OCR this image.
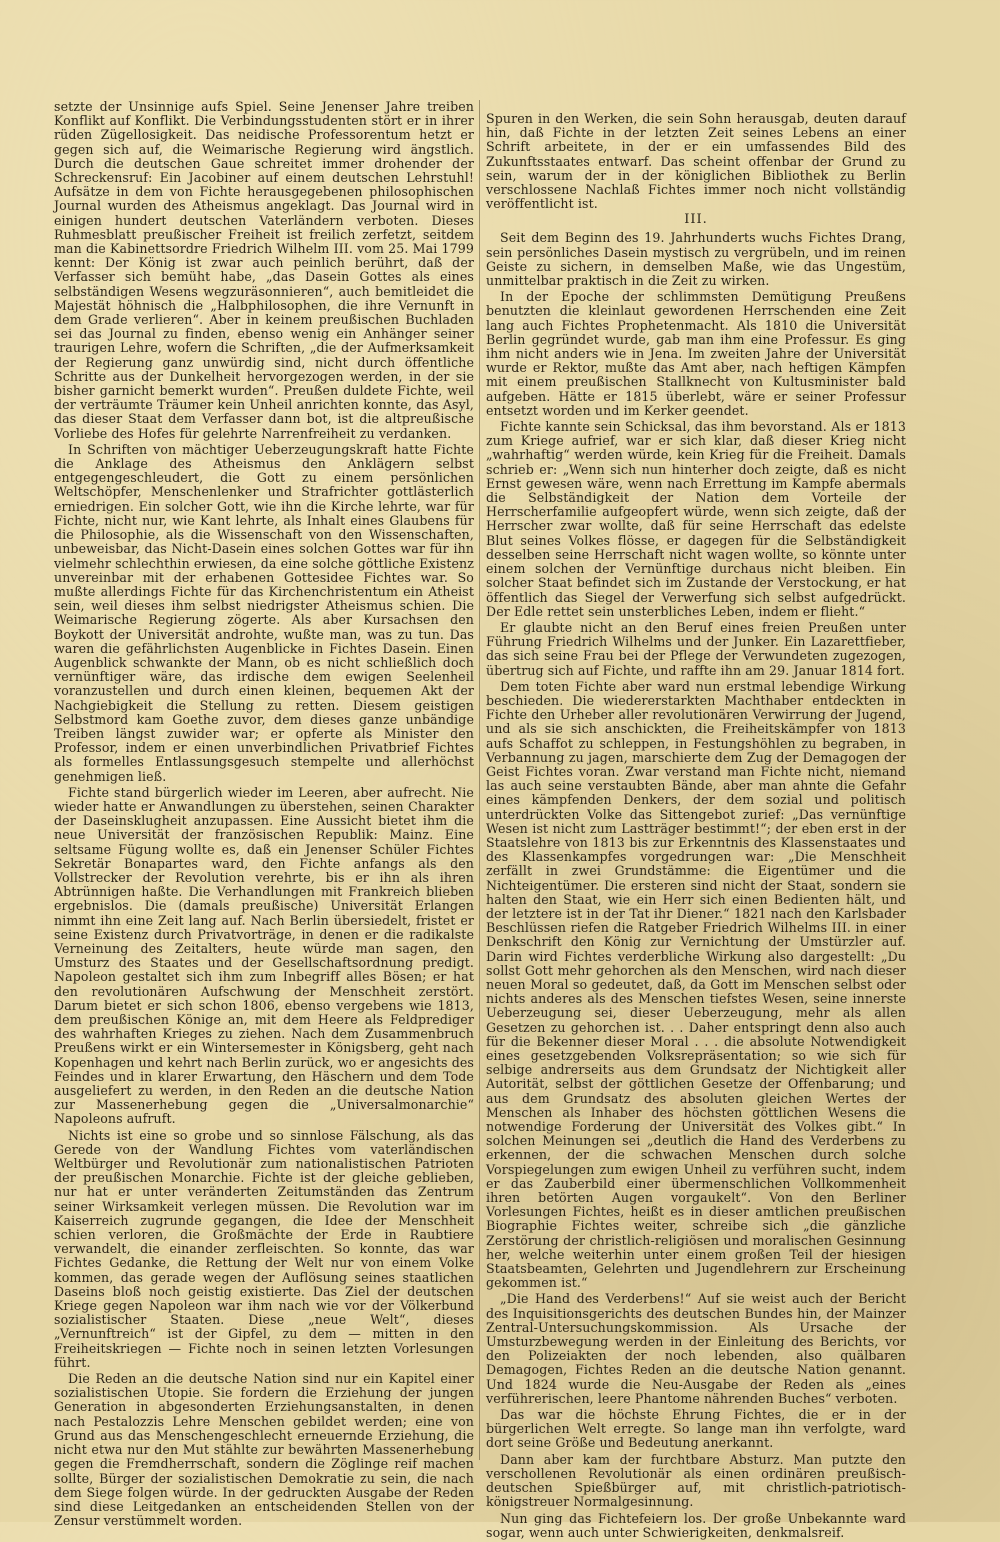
setzte der Unsinnige aufs Spiel. Seine Jenenser Jahre treiben Konflikt auf Konflikt. Die Verbindungsstudenten stört er in ihrer rüden Zügellosigkeit. Das neidische Professorentum hetzt er gegen sich auf, die Weimarische Regierung wird ängstlich. Durch die deutschen Gaue schreitet immer drohender der Schreckensruf: Ein Jacobiner auf einem deutschen Lehrstuhl! Aufsätze in dem von Fichte herausgegebenen philosophischen Journal wurden des Atheismus angeklagt. Das Journal wird in einigen hundert deutschen Vaterländern verboten. Dieses Ruhmesblatt preußischer Freiheit ist freilich zerfetzt, seitdem man die Kabinettsordre Friedrich Wilhelm III. vom 25. Mai 1799 kennt: Der König ist zwar auch peinlich berührt, daß der Verfasser sich bemüht habe, „das Dasein Gottes als eines selbständigen Wesens wegzuräsonnieren“, auch bemitleidet die Majestät höhnisch die „Halbphilosophen, die ihre Vernunft in dem Grade verlieren“. Aber in keinem preußischen Buchladen sei das Journal zu finden, ebenso wenig ein Anhänger seiner traurigen Lehre, wofern die Schriften, „die der Aufmerksamkeit der Regierung ganz unwürdig sind, nicht durch öffentliche Schritte aus der Dunkelheit hervorgezogen werden, in der sie bisher garnicht bemerkt wurden“. Preußen duldete Fichte, weil der verträumte Träumer kein Unheil anrichten konnte, das Asyl, das dieser Staat dem Verfasser dann bot, ist die altpreußische Vorliebe des Hofes für gelehrte Narrenfreiheit zu verdanken.

In Schriften von mächtiger Ueberzeugungskraft hatte Fichte die Anklage des Atheismus den Anklägern selbst entgegengeschleudert, die Gott zu einem persönlichen Weltschöpfer, Menschenlenker und Strafrichter gottlästerlich erniedrigen. Ein solcher Gott, wie ihn die Kirche lehrte, war für Fichte, nicht nur, wie Kant lehrte, als Inhalt eines Glaubens für die Philosophie, als die Wissenschaft von den Wissenschaften, unbeweisbar, das Nicht-Dasein eines solchen Gottes war für ihn vielmehr schlechthin erwiesen, da eine solche göttliche Existenz unvereinbar mit der erhabenen Gottesidee Fichtes war. So mußte allerdings Fichte für das Kirchenchristentum ein Atheist sein, weil dieses ihm selbst niedrigster Atheismus schien. Die Weimarische Regierung zögerte. Als aber Kursachsen den Boykott der Universität androhte, wußte man, was zu tun. Das waren die gefährlichsten Augenblicke in Fichtes Dasein. Einen Augenblick schwankte der Mann, ob es nicht schließlich doch vernünftiger wäre, das irdische dem ewigen Seelenheil voranzustellen und durch einen kleinen, bequemen Akt der Nachgiebigkeit die Stellung zu retten. Diesem geistigen Selbstmord kam Goethe zuvor, dem dieses ganze unbändige Treiben längst zuwider war; er opferte als Minister den Professor, indem er einen unverbindlichen Privatbrief Fichtes als formelles Entlassungsgesuch stempelte und allerhöchst genehmigen ließ.

Fichte stand bürgerlich wieder im Leeren, aber aufrecht. Nie wieder hatte er Anwandlungen zu überstehen, seinen Charakter der Daseinsklugheit anzupassen. Eine Aussicht bietet ihm die neue Universität der französischen Republik: Mainz. Eine seltsame Fügung wollte es, daß ein Jenenser Schüler Fichtes Sekretär Bonapartes ward, den Fichte anfangs als den Vollstrecker der Revolution verehrte, bis er ihn als ihren Abtrünnigen haßte. Die Verhandlungen mit Frankreich blieben ergebnislos. Die (damals preußische) Universität Erlangen nimmt ihn eine Zeit lang auf. Nach Berlin übersiedelt, fristet er seine Existenz durch Privatvorträge, in denen er die radikalste Verneinung des Zeitalters, heute würde man sagen, den Umsturz des Staates und der Gesellschaftsordnung predigt. Napoleon gestaltet sich ihm zum Inbegriff alles Bösen; er hat den revolutionären Aufschwung der Menschheit zerstört. Darum bietet er sich schon 1806, ebenso vergebens wie 1813, dem preußischen Könige an, mit dem Heere als Feldprediger des wahrhaften Krieges zu ziehen. Nach dem Zusammenbruch Preußens wirkt er ein Wintersemester in Königsberg, geht nach Kopenhagen und kehrt nach Berlin zurück, wo er angesichts des Feindes und in klarer Erwartung, den Häschern und dem Tode ausgeliefert zu werden, in den Reden an die deutsche Nation zur Massenerhebung gegen die „Universalmonarchie“ Napoleons aufruft.

Nichts ist eine so grobe und so sinnlose Fälschung, als das Gerede von der Wandlung Fichtes vom vaterländischen Weltbürger und Revolutionär zum nationalistischen Patrioten der preußischen Monarchie. Fichte ist der gleiche geblieben, nur hat er unter veränderten Zeitumständen das Zentrum seiner Wirksamkeit verlegen müssen. Die Revolution war im Kaiserreich zugrunde gegangen, die Idee der Menschheit schien verloren, die Großmächte der Erde in Raubtiere verwandelt, die einander zerfleischten. So konnte, das war Fichtes Gedanke, die Rettung der Welt nur von einem Volke kommen, das gerade wegen der Auflösung seines staatlichen Daseins bloß noch geistig existierte. Das Ziel der deutschen Kriege gegen Napoleon war ihm nach wie vor der Völkerbund sozialistischer Staaten. Diese „neue Welt“, dieses „Vernunftreich“ ist der Gipfel, zu dem — mitten in den Freiheitskriegen — Fichte noch in seinen letzten Vorlesungen führt.

Die Reden an die deutsche Nation sind nur ein Kapitel einer sozialistischen Utopie. Sie fordern die Erziehung der jungen Generation in abgesonderten Erziehungsanstalten, in denen nach Pestalozzis Lehre Menschen gebildet werden; eine von Grund aus das Menschengeschlecht erneuernde Erziehung, die nicht etwa nur den Mut stählte zur bewährten Massenerhebung gegen die Fremdherrschaft, sondern die Zöglinge reif machen sollte, Bürger der sozialistischen Demokratie zu sein, die nach dem Siege folgen würde. In der gedruckten Ausgabe der Reden sind diese Leitgedanken an entscheidenden Stellen von der Zensur verstümmelt worden.

Spuren in den Werken, die sein Sohn herausgab, deuten darauf hin, daß Fichte in der letzten Zeit seines Lebens an einer Schrift arbeitete, in der er ein umfassendes Bild des Zukunftsstaates entwarf. Das scheint offenbar der Grund zu sein, warum der in der königlichen Bibliothek zu Berlin verschlossene Nachlaß Fichtes immer noch nicht vollständig veröffentlicht ist.

III.

Seit dem Beginn des 19. Jahrhunderts wuchs Fichtes Drang, sein persönliches Dasein mystisch zu vergrübeln, und im reinen Geiste zu sichern, in demselben Maße, wie das Ungestüm, unmittelbar praktisch in die Zeit zu wirken.

In der Epoche der schlimmsten Demütigung Preußens benutzten die kleinlaut gewordenen Herrschenden eine Zeit lang auch Fichtes Prophetenmacht. Als 1810 die Universität Berlin gegründet wurde, gab man ihm eine Professur. Es ging ihm nicht anders wie in Jena. Im zweiten Jahre der Universität wurde er Rektor, mußte das Amt aber, nach heftigen Kämpfen mit einem preußischen Stallknecht von Kultusminister bald aufgeben. Hätte er 1815 überlebt, wäre er seiner Professur entsetzt worden und im Kerker geendet.

Fichte kannte sein Schicksal, das ihm bevorstand. Als er 1813 zum Kriege aufrief, war er sich klar, daß dieser Krieg nicht „wahrhaftig“ werden würde, kein Krieg für die Freiheit. Damals schrieb er: „Wenn sich nun hinterher doch zeigte, daß es nicht Ernst gewesen wäre, wenn nach Errettung im Kampfe abermals die Selbständigkeit der Nation dem Vorteile der Herrscherfamilie aufgeopfert würde, wenn sich zeigte, daß der Herrscher zwar wollte, daß für seine Herrschaft das edelste Blut seines Volkes flösse, er dagegen für die Selbständigkeit desselben seine Herrschaft nicht wagen wollte, so könnte unter einem solchen der Vernünftige durchaus nicht bleiben. Ein solcher Staat befindet sich im Zustande der Verstockung, er hat öffentlich das Siegel der Verwerfung sich selbst aufgedrückt. Der Edle rettet sein unsterbliches Leben, indem er flieht.“

Er glaubte nicht an den Beruf eines freien Preußen unter Führung Friedrich Wilhelms und der Junker. Ein Lazarettfieber, das sich seine Frau bei der Pflege der Verwundeten zugezogen, übertrug sich auf Fichte, und raffte ihn am 29. Januar 1814 fort.

Dem toten Fichte aber ward nun erstmal lebendige Wirkung beschieden. Die wiedererstarkten Machthaber entdeckten in Fichte den Urheber aller revolutionären Verwirrung der Jugend, und als sie sich anschickten, die Freiheitskämpfer von 1813 aufs Schaffot zu schleppen, in Festungshöhlen zu begraben, in Verbannung zu jagen, marschierte dem Zug der Demagogen der Geist Fichtes voran. Zwar verstand man Fichte nicht, niemand las auch seine verstaubten Bände, aber man ahnte die Gefahr eines kämpfenden Denkers, der dem sozial und politisch unterdrückten Volke das Sittengebot zurief: „Das vernünftige Wesen ist nicht zum Lastträger bestimmt!“; der eben erst in der Staatslehre von 1813 bis zur Erkenntnis des Klassenstaates und des Klassenkampfes vorgedrungen war: „Die Menschheit zerfällt in zwei Grundstämme: die Eigentümer und die Nichteigentümer. Die ersteren sind nicht der Staat, sondern sie halten den Staat, wie ein Herr sich einen Bedienten hält, und der letztere ist in der Tat ihr Diener.“ 1821 nach den Karlsbader Beschlüssen riefen die Ratgeber Friedrich Wilhelms III. in einer Denkschrift den König zur Vernichtung der Umstürzler auf. Darin wird Fichtes verderbliche Wirkung also dargestellt: „Du sollst Gott mehr gehorchen als den Menschen, wird nach dieser neuen Moral so gedeutet, daß, da Gott im Menschen selbst oder nichts anderes als des Menschen tiefstes Wesen, seine innerste Ueberzeugung sei, dieser Ueberzeugung, mehr als allen Gesetzen zu gehorchen ist. . . Daher entspringt denn also auch für die Bekenner dieser Moral . . . die absolute Notwendigkeit eines gesetzgebenden Volksrepräsentation; so wie sich für selbige andrerseits aus dem Grundsatz der Nichtigkeit aller Autorität, selbst der göttlichen Gesetze der Offenbarung; und aus dem Grundsatz des absoluten gleichen Wertes der Menschen als Inhaber des höchsten göttlichen Wesens die notwendige Forderung der Universität des Volkes gibt.“ In solchen Meinungen sei „deutlich die Hand des Verderbens zu erkennen, der die schwachen Menschen durch solche Vorspiegelungen zum ewigen Unheil zu verführen sucht, indem er das Zauberbild einer übermenschlichen Vollkommenheit ihren betörten Augen vorgaukelt“. Von den Berliner Vorlesungen Fichtes, heißt es in dieser amtlichen preußischen Biographie Fichtes weiter, schreibe sich „die gänzliche Zerstörung der christlich-religiösen und moralischen Gesinnung her, welche weiterhin unter einem großen Teil der hiesigen Staatsbeamten, Gelehrten und Jugendlehrern zur Erscheinung gekommen ist.“

„Die Hand des Verderbens!“ Auf sie weist auch der Bericht des Inquisitionsgerichts des deutschen Bundes hin, der Mainzer Zentral-Untersuchungskommission. Als Ursache der Umsturzbewegung werden in der Einleitung des Berichts, vor den Polizeiakten der noch lebenden, also quälbaren Demagogen, Fichtes Reden an die deutsche Nation genannt. Und 1824 wurde die Neu-Ausgabe der Reden als „eines verführerischen, leere Phantome nährenden Buches“ verboten.

Das war die höchste Ehrung Fichtes, die er in der bürgerlichen Welt erregte. So lange man ihn verfolgte, ward dort seine Größe und Bedeutung anerkannt.

Dann aber kam der furchtbare Absturz. Man putzte den verschollenen Revolutionär als einen ordinären preußisch-deutschen Spießbürger auf, mit christlich-patriotisch-königstreuer Normalgesinnung.

Nun ging das Fichtefeiern los. Der große Unbekannte ward sogar, wenn auch unter Schwierigkeiten, denkmalsreif.
